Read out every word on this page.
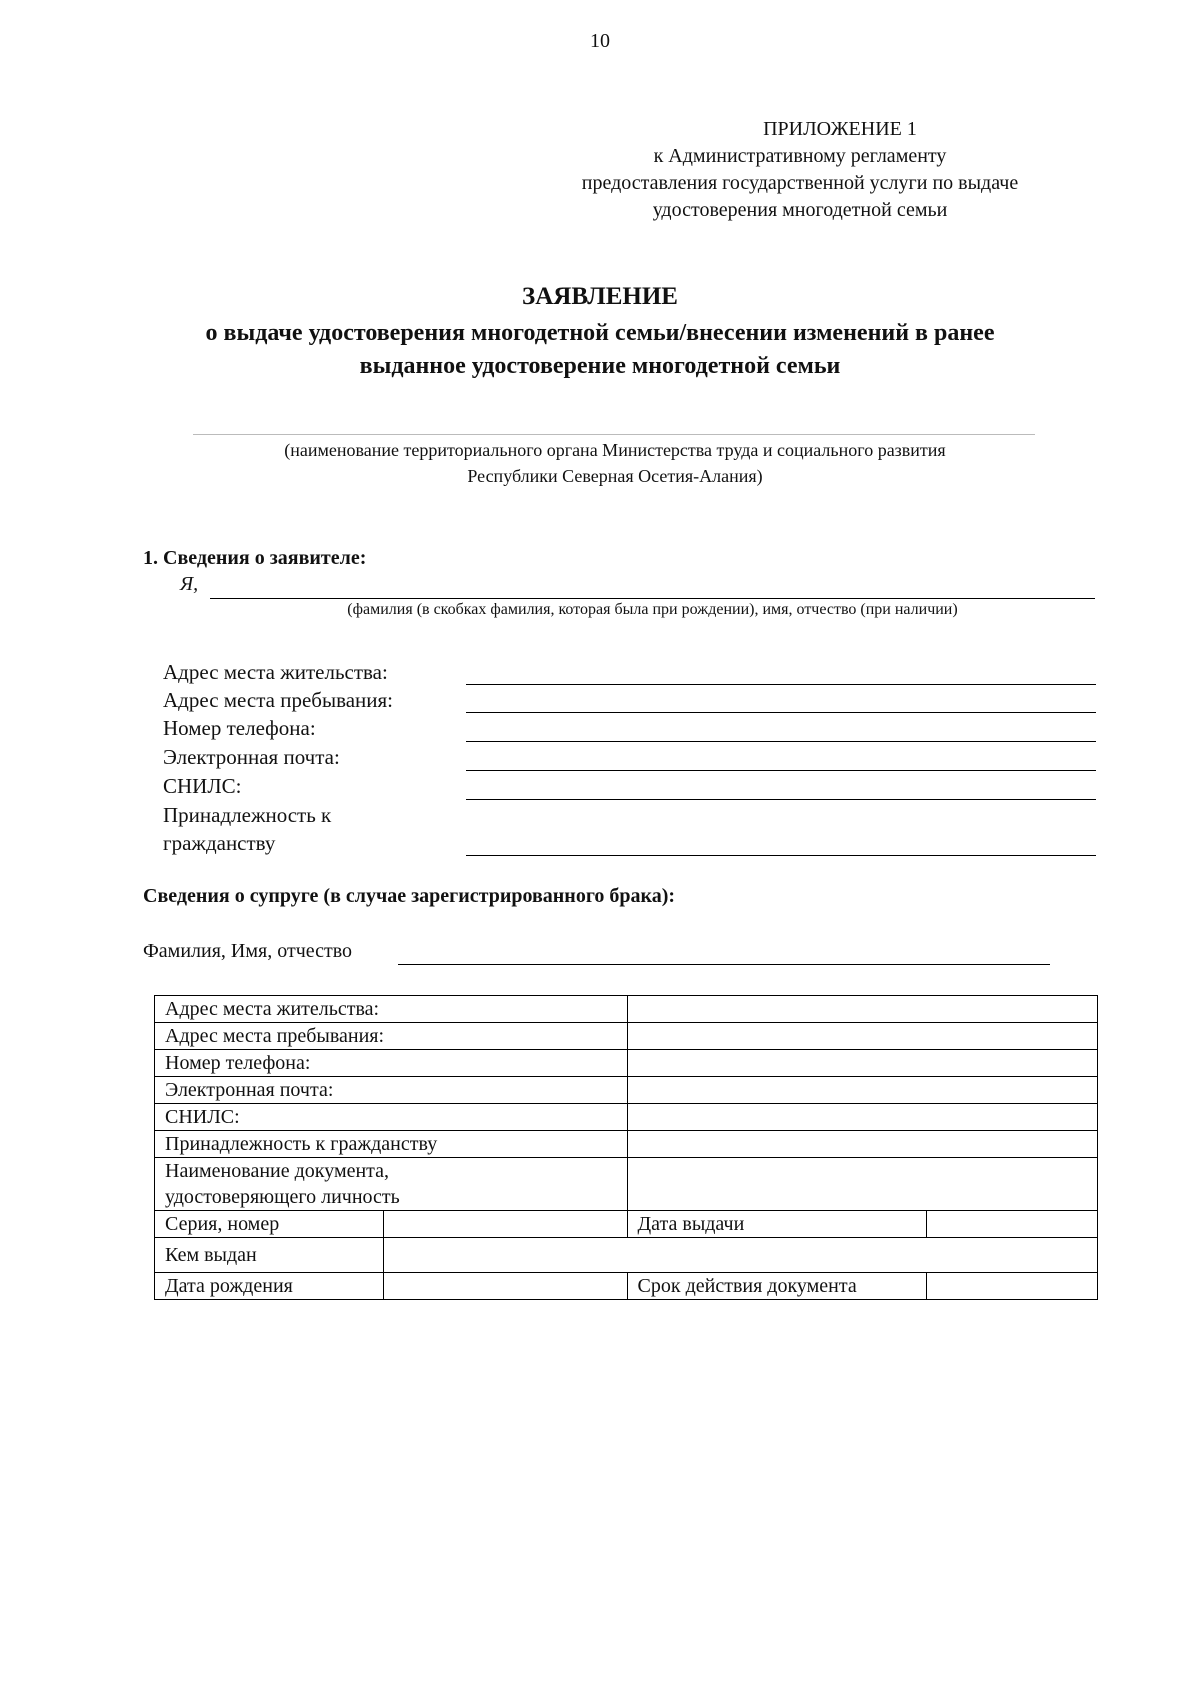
10
ПРИЛОЖЕНИЕ 1
к Административному регламенту
предоставления государственной услуги по выдаче
удостоверения многодетной семьи
ЗАЯВЛЕНИЕ
о выдаче удостоверения многодетной семьи/внесении изменений в ранее
выданное удостоверение многодетной семьи
(наименование территориального органа Министерства труда и социального развития
Республики Северная Осетия-Алания)
1. Сведения о заявителе:
Я,
(фамилия (в скобках фамилия, которая была при рождении), имя, отчество (при наличии)
Адрес места жительства:
Адрес места пребывания:
Номер телефона:
Электронная почта:
СНИЛС:
Принадлежность к
гражданству
Сведения о супруге (в случае зарегистрированного брака):
Фамилия, Имя, отчество
Адрес места жительства:			
Адрес места пребывания:			
Номер телефона:			
Электронная почта:			
СНИЛС:			
Принадлежность к гражданству			

Наименование документа,
удостоверяющего личность			

Серия, номер		Дата выдачи	
Кем выдан			
Дата рождения		Срок действия документа	
